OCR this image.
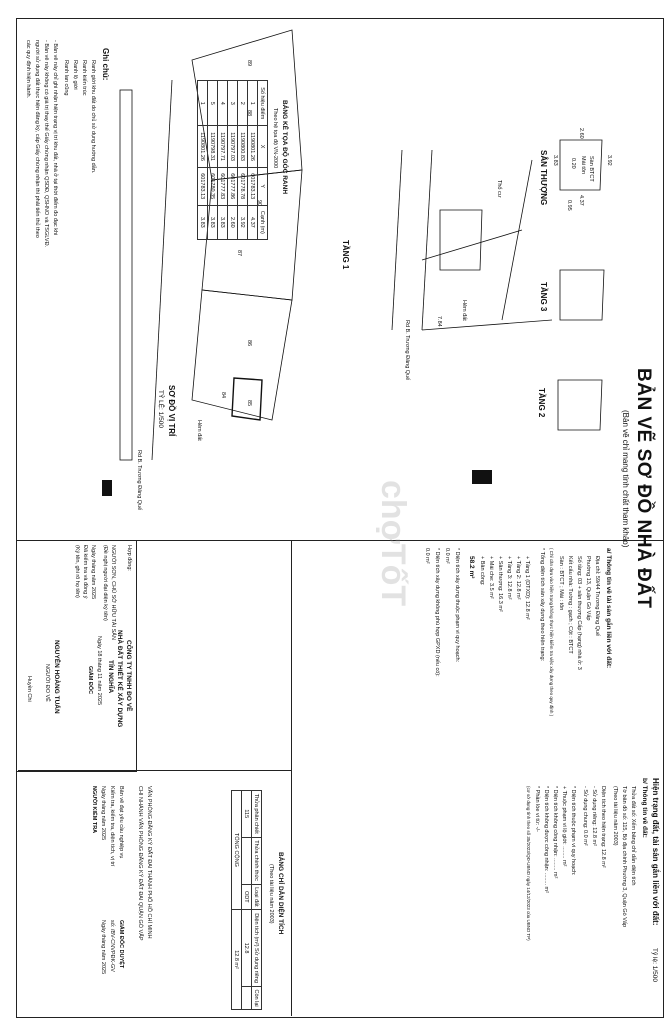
Tỷ lệ: 1/500
BẢN VẼ SƠ ĐỒ NHÀ ĐẤT
(Bản vẽ chỉ mang tính chất tham khảo)
chợTốT
SÂN THƯỢNG
TẦNG 3
TẦNG 2
TẦNG 1
3.92
4.37
2.60
3.83 0.20
0.95
Sàn BTCT
Mái tôn
Thổ cư
Hẻm đất
Rd B. Trương Đăng Quế	7.84
SƠ ĐỒ VỊ TRÍ
TỶ LỆ: 1/500
89
88
90
87
86
84
85
Hẻm đất
Rd B. Trương Đăng Quế
Ghi chú:
Ranh giới khu đất do chủ sử dụng hướng dẫn.
Ranh kiến trúc
Ranh lộ giới
Ranh lan cũng
- Bản vẽ này chỉ ghi nhận hiện trạng vị trí khu đất, nhà ở tại thời điểm đo đạc khi
- Bản vẽ này không có giá trị thay thế Giấy chứng nhận QSDĐ, QSHNO và TSGLVĐ.
người sử dụng đất thực hiện đăng ký, cấp Giấy chứng nhận thì phải tiến thủ theo
các quy định hiện hành.
BẢNG KÊ TỌA ĐỘ GÓC RANH
Theo hệ tọa độ VN-2000
Số hiệu điểm	X	Y	Cạnh (m)
1	1190801.26	601783.13	4.37
2	1190800.83	601778.78	3.92
3	1190797.03	601777.86	2.60
4	1190797.71	601777.83	3.83
5	1190798.31	601780.35	3.83
1	1190801.26	601783.13	3.83
a/ Thông tin về tài sản gắn liền với đất:
Địa chỉ: 59/44 Trương Đăng Quế
Phường 13, Quận Gò Vấp
Số tầng: 03 + sân thượng Cấp (hạng) nhà ở: 3
Kết cấu nhà: Tường : gạch ; Cột : BTCT
Sàn : BTCT ; Mái : tôn
( Chỉ căn dựa vào hiện trạng không thực hiện kiểm tra việc xây dựng theo quy định )
* Tổng diện tích sàn xây dựng theo hiện trạng:
+ Tầng 1 (DTXD): 12.8 m²
+ Tầng 2: 12.8 m²
+ Tầng 3: 12.8 m²
+ Sân thượng: 16.3 m²
+ Mái che: 3.5 m²
+ Bản công:
58.2 m²
* Diện tích xây dựng thuộc phạm vi quy hoạch:
0.0 m²
* Diện tích xây dựng không phù hợp GPXD (nếu có):
0.0 m²
Hợp đồng:
NGƯỜI SƠN, CHỦ SỞ HỮU TÀI SẢN
(Đề nghị người đại diện ký tên)
Ngày tháng năm 2025
Đã kiểm tra và đồng ý
(Ký tên, ghi rõ họ tên)
CÔNG TY TNHH ĐO VẼ
NHÀ ĐẤT THIẾT KẾ XÂY DỰNG
TÍN NGHĨA
Ngày 18 tháng 11 năm 2025
GIÁM ĐỐC
NGUYỄN HOÀNG TUẤN
NGƯỜI ĐO VẼ
Huyền Chi
Hiện trạng đất, tài sản gắn liền với đất:
b/ Thông tin về đất:
Thửa đất số: Xếm bảng chỉ dẫn diện tích
Tờ bản đồ số: 115, Bộ địa chính Phường 3, Quận Gò Vấp
(Theo tài liệu năm 2003)
Diện tích theo hiện trạng: 12.8 m²
- Sử dụng riêng: 12.8 m²
- Sử dụng chung: 0.0 m²
* Diện tích thuộc phạm vi quy hoạch:
+ Thuộc phạm vi lộ giới: ........ m²
* Diện tích không công nhận: ........ m²
* Diện tích không được công nhận: ........ m²
* Phần lòe vi từ: -/-
(cơ sở dụng tính theo số 35/2023/QĐ-UBND ngày 14/12/2023 của UBND TP)
BẢNG CHỈ DẪN DIỆN TÍCH
(Theo tài liệu năm 2003)
Thửa phân chiết	Thửa chính thức	Loại đất	Diện tích (m²) Sử dụng riêng	Còn lại
115		ODT	12.8	
TỔNG CỘNG			12.8 m²	
VĂN PHÒNG ĐĂNG KÝ ĐẤT ĐAI THÀNH PHỐ HỒ CHÍ MINH
CHI NHÁNH VĂN PHÒNG ĐĂNG KÝ ĐẤT ĐAI QUẬN GÒ VẤP
Bản vẽ đạt yêu cầu nghiệp vụ
Kiểm tra, kiểm tra, diện tích, vị trí
Ngày tháng năm 2025
NGƯỜI KIỂM TRA
GIÁM ĐỐC DUYỆT
số: /BV-CNVPĐK-GV
Ngày tháng năm 2025
